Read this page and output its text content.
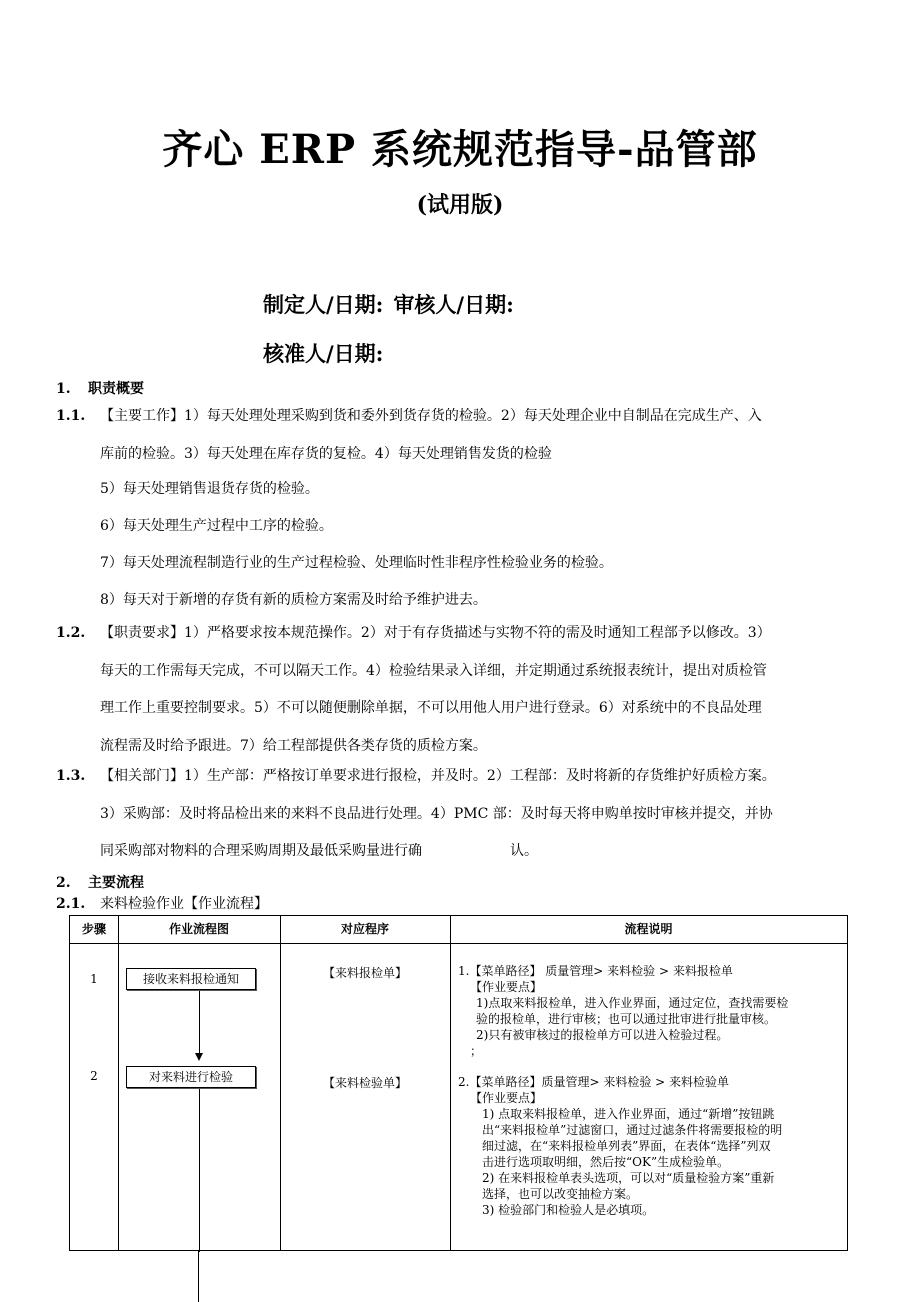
齐心 ERP 系统规范指导-品管部
(试用版)
制定人/日期: 审核人/日期:
核准人/日期:
1. 职责概要
1.1. 【主要工作】1）每天处理处理采购到货和委外到货存货的检验。2）每天处理企业中自制品在完成生产、入
库前的检验。3）每天处理在库存货的复检。4）每天处理销售发货的检验
5）每天处理销售退货存货的检验。
6）每天处理生产过程中工序的检验。
7）每天处理流程制造行业的生产过程检验、处理临时性非程序性检验业务的检验。
8）每天对于新增的存货有新的质检方案需及时给予维护进去。
1.2. 【职责要求】1）严格要求按本规范操作。2）对于有存货描述与实物不符的需及时通知工程部予以修改。3）
每天的工作需每天完成，不可以隔天工作。4）检验结果录入详细，并定期通过系统报表统计，提出对质检管
理工作上重要控制要求。5）不可以随便删除单据，不可以用他人用户进行登录。6）对系统中的不良品处理
流程需及时给予跟进。7）给工程部提供各类存货的质检方案。
1.3. 【相关部门】1）生产部：严格按订单要求进行报检，并及时。2）工程部：及时将新的存货维护好质检方案。
3）采购部：及时将品检出来的来料不良品进行处理。4）PMC 部：及时每天将申购单按时审核并提交，并协
同采购部对物料的合理采购周期及最低采购量进行确	认。
2. 主要流程
2.1. 来料检验作业【作业流程】
步骤	作业流程图	对应程序	流程说明
1	接收来料报检通知	【来料报检单】	1.【菜单路径】 质量管理> 来料检验 > 来料报检单
【作业要点】
1)点取来料报检单，进入作业界面，通过定位，查找需要检
验的报检单，进行审核；也可以通过批审进行批量审核。
2)只有被审核过的报检单方可以进入检验过程。
；
2	对来料进行检验	【来料检验单】	2.【菜单路径】质量管理> 来料检验 > 来料检验单
【作业要点】
1) 点取来料报检单，进入作业界面，通过“新增”按钮跳
出“来料报检单”过滤窗口，通过过滤条件将需要报检的明
细过滤，在“来料报检单列表”界面，在表体“选择”列双
击进行选项取明细，然后按“OK”生成检验单。
2) 在来料报检单表头选项，可以对“质量检验方案”重新
选择，也可以改变抽检方案。
3) 检验部门和检验人是必填项。
